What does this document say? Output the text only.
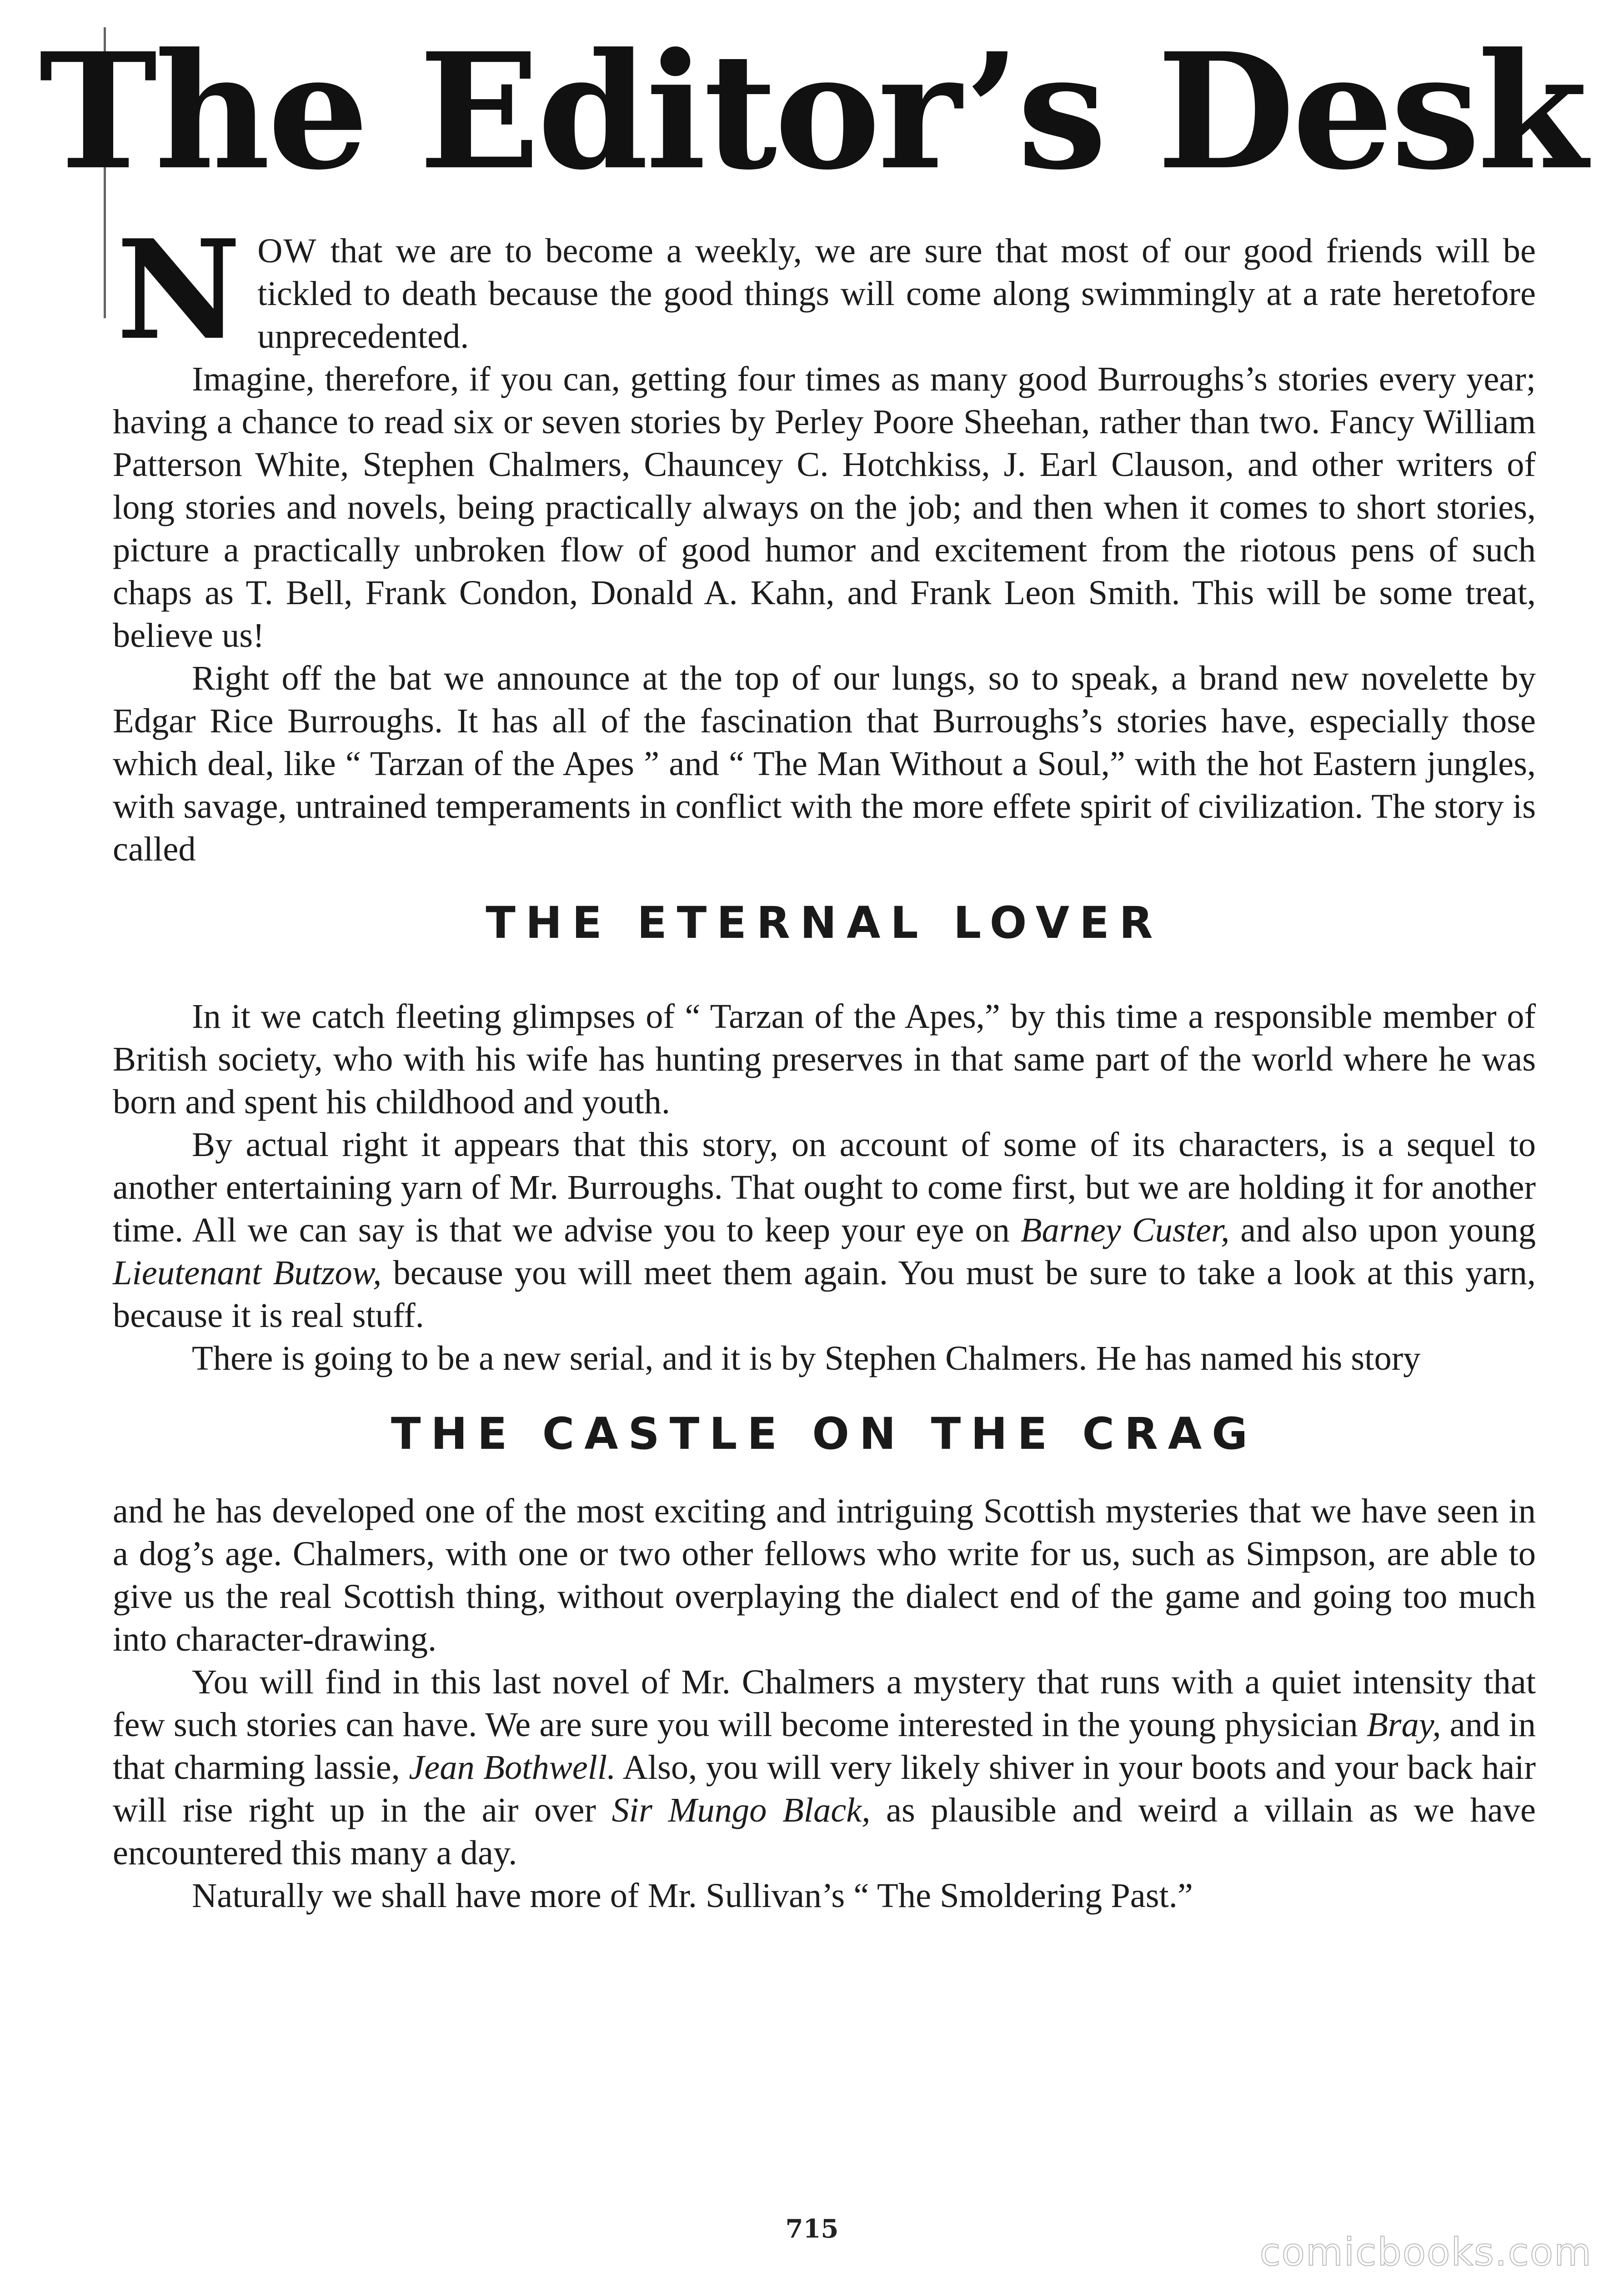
The Editor’s Desk

NOW that we are to become a weekly, we are sure that most of our good friends will be tickled to death because the good things will come along swimmingly at a rate heretofore unprecedented.

Imagine, therefore, if you can, getting four times as many good Burroughs’s stories every year; having a chance to read six or seven stories by Perley Poore Sheehan, rather than two. Fancy William Patterson White, Stephen Chalmers, Chauncey C. Hotchkiss, J. Earl Clauson, and other writers of long stories and novels, being practically always on the job; and then when it comes to short stories, picture a practically unbroken flow of good humor and excitement from the riotous pens of such chaps as T. Bell, Frank Condon, Donald A. Kahn, and Frank Leon Smith. This will be some treat, believe us!

Right off the bat we announce at the top of our lungs, so to speak, a brand new novelette by Edgar Rice Burroughs. It has all of the fascination that Burroughs’s stories have, especially those which deal, like “ Tarzan of the Apes ” and “ The Man Without a Soul,” with the hot Eastern jungles, with savage, untrained temperaments in conflict with the more effete spirit of civilization. The story is called

THE ETERNAL LOVER

In it we catch fleeting glimpses of “ Tarzan of the Apes,” by this time a responsible member of British society, who with his wife has hunting preserves in that same part of the world where he was born and spent his childhood and youth.

By actual right it appears that this story, on account of some of its characters, is a sequel to another entertaining yarn of Mr. Burroughs. That ought to come first, but we are holding it for another time. All we can say is that we advise you to keep your eye on Barney Custer, and also upon young Lieutenant Butzow, because you will meet them again. You must be sure to take a look at this yarn, because it is real stuff.

There is going to be a new serial, and it is by Stephen Chalmers. He has named his story

THE CASTLE ON THE CRAG

and he has developed one of the most exciting and intriguing Scottish mysteries that we have seen in a dog’s age. Chalmers, with one or two other fellows who write for us, such as Simpson, are able to give us the real Scottish thing, without overplaying the dialect end of the game and going too much into character-drawing.

You will find in this last novel of Mr. Chalmers a mystery that runs with a quiet intensity that few such stories can have. We are sure you will become interested in the young physician Bray, and in that charming lassie, Jean Bothwell. Also, you will very likely shiver in your boots and your back hair will rise right up in the air over Sir Mungo Black, as plausible and weird a villain as we have encountered this many a day.

Naturally we shall have more of Mr. Sullivan’s “ The Smoldering Past.”

715
comicbooks.com
